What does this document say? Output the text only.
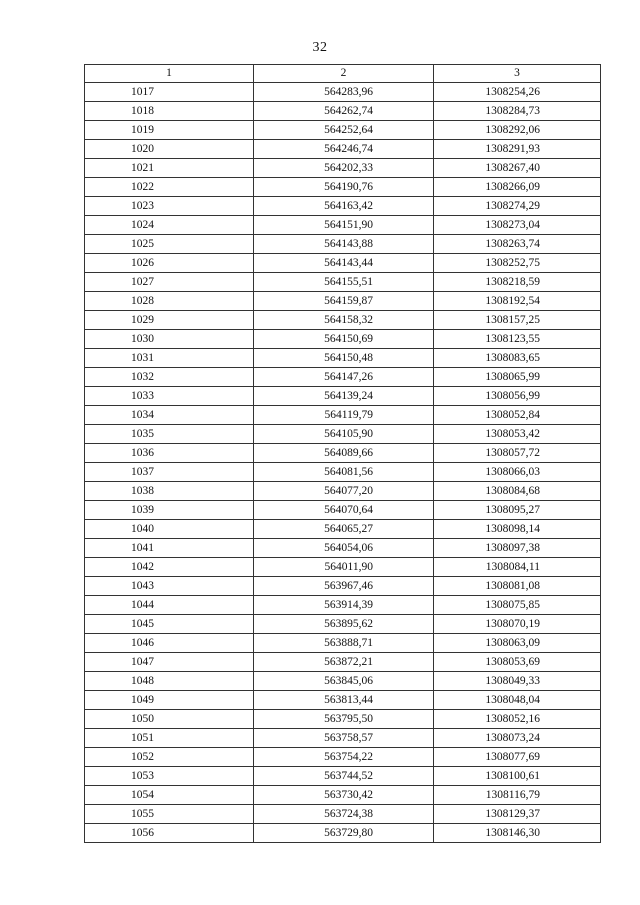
32
1	2	3
1017	564283,96	1308254,26
1018	564262,74	1308284,73
1019	564252,64	1308292,06
1020	564246,74	1308291,93
1021	564202,33	1308267,40
1022	564190,76	1308266,09
1023	564163,42	1308274,29
1024	564151,90	1308273,04
1025	564143,88	1308263,74
1026	564143,44	1308252,75
1027	564155,51	1308218,59
1028	564159,87	1308192,54
1029	564158,32	1308157,25
1030	564150,69	1308123,55
1031	564150,48	1308083,65
1032	564147,26	1308065,99
1033	564139,24	1308056,99
1034	564119,79	1308052,84
1035	564105,90	1308053,42
1036	564089,66	1308057,72
1037	564081,56	1308066,03
1038	564077,20	1308084,68
1039	564070,64	1308095,27
1040	564065,27	1308098,14
1041	564054,06	1308097,38
1042	564011,90	1308084,11
1043	563967,46	1308081,08
1044	563914,39	1308075,85
1045	563895,62	1308070,19
1046	563888,71	1308063,09
1047	563872,21	1308053,69
1048	563845,06	1308049,33
1049	563813,44	1308048,04
1050	563795,50	1308052,16
1051	563758,57	1308073,24
1052	563754,22	1308077,69
1053	563744,52	1308100,61
1054	563730,42	1308116,79
1055	563724,38	1308129,37
1056	563729,80	1308146,30
